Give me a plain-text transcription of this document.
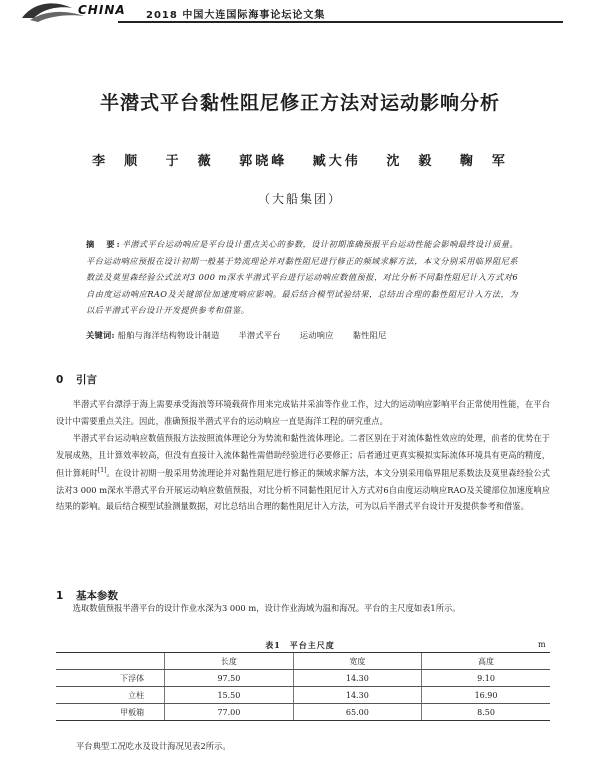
CHINA 2018 中国大连国际海事论坛论文集
半潜式平台黏性阻尼修正方法对运动影响分析
李　顺 于　薇 郭晓峰 臧大伟 沈　毅 鞠　军
（大船集团）
摘　要:半潜式平台运动响应是平台设计重点关心的参数，设计初期准确预报平台运动性能会影响最终设计质量。平台运动响应预报在设计初期一般基于势流理论并对黏性阻尼进行修正的频域求解方法，本文分别采用临界阻尼系数法及莫里森经验公式法对3 000 m深水半潜式平台进行运动响应数值预报，对比分析不同黏性阻尼计入方式对6自由度运动响应RAO及关键部位加速度响应影响。最后结合模型试验结果，总结出合理的黏性阻尼计入方法，为以后半潜式平台设计开发提供参考和借鉴。
关键词: 船舶与海洋结构物设计制造 半潜式平台 运动响应 黏性阻尼
0 引言
半潜式平台漂浮于海上需要承受海浪等环境载荷作用来完成钻井采油等作业工作，过大的运动响应影响平台正常使用性能，在平台设计中需要重点关注。因此，准确预报半潜式平台的运动响应一直是海洋工程的研究重点。
半潜式平台运动响应数值预报方法按照流体理论分为势流和黏性流体理论。二者区别在于对流体黏性效应的处理，前者的优势在于发展成熟，且计算效率较高，但没有直接计入流体黏性需借助经验进行必要修正；后者通过更真实模拟实际流体环境具有更高的精度，但计算耗时[1]。在设计初期一般采用势流理论并对黏性阻尼进行修正的频域求解方法，本文分别采用临界阻尼系数法及莫里森经验公式法对3 000 m深水半潜式平台开展运动响应数值预报，对比分析不同黏性阻尼计入方式对6自由度运动响应RAO及关键部位加速度响应结果的影响。最后结合模型试验测量数据，对比总结出合理的黏性阻尼计入方法，可为以后半潜式平台设计开发提供参考和借鉴。
1 基本参数
选取数值预报半潜平台的设计作业水深为3 000 m，设计作业海域为温和海况。平台的主尺度如表1所示。
表1　平台主尺度	m
	长度	宽度	高度
下浮体	97.50	14.30	9.10
立柱	15.50	14.30	16.90
甲板箱	77.00	65.00	8.50
平台典型工况吃水及设计海况见表2所示。
